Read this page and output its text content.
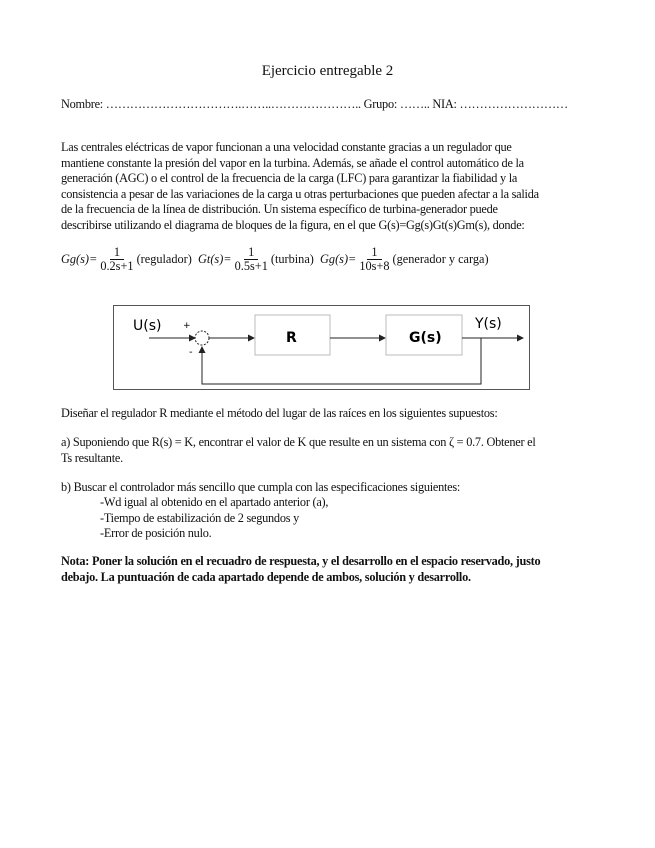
Ejercicio entregable 2
Nombre: …………………………….……..………………….. Grupo: …….. NIA: ………………………
Las centrales eléctricas de vapor funcionan a una velocidad constante gracias a un regulador que
mantiene constante la presión del vapor en la turbina. Además, se añade el control automático de la
generación (AGC) o el control de la frecuencia de la carga (LFC) para garantizar la fiabilidad y la
consistencia a pesar de las variaciones de la carga u otras perturbaciones que pueden afectar a la salida
de la frecuencia de la línea de distribución. Un sistema específico de turbina-generador puede
describirse utilizando el diagrama de bloques de la figura, en el que G(s)=Gg(s)Gt(s)Gm(s), donde:
$Gg(s)= \frac{1}{0.2s+1}$ (regulador)
$Gt(s)= \frac{1}{0.5s+1}$ (turbina)
$Gg(s)= \frac{1}{10s+8}$ (generador y carga)
U(s) +
-
R	G(s)
Y(s)
Diseñar el regulador R mediante el método del lugar de las raíces en los siguientes supuestos:
a) Suponiendo que R(s) = K, encontrar el valor de K que resulte en un sistema con ζ = 0.7. Obtener el
Ts resultante.
b) Buscar el controlador más sencillo que cumpla con las especificaciones siguientes:
-Wd igual al obtenido en el apartado anterior (a),
-Tiempo de estabilización de 2 segundos y
-Error de posición nulo.
Nota: Poner la solución en el recuadro de respuesta, y el desarrollo en el espacio reservado, justo
debajo. La puntuación de cada apartado depende de ambos, solución y desarrollo.
